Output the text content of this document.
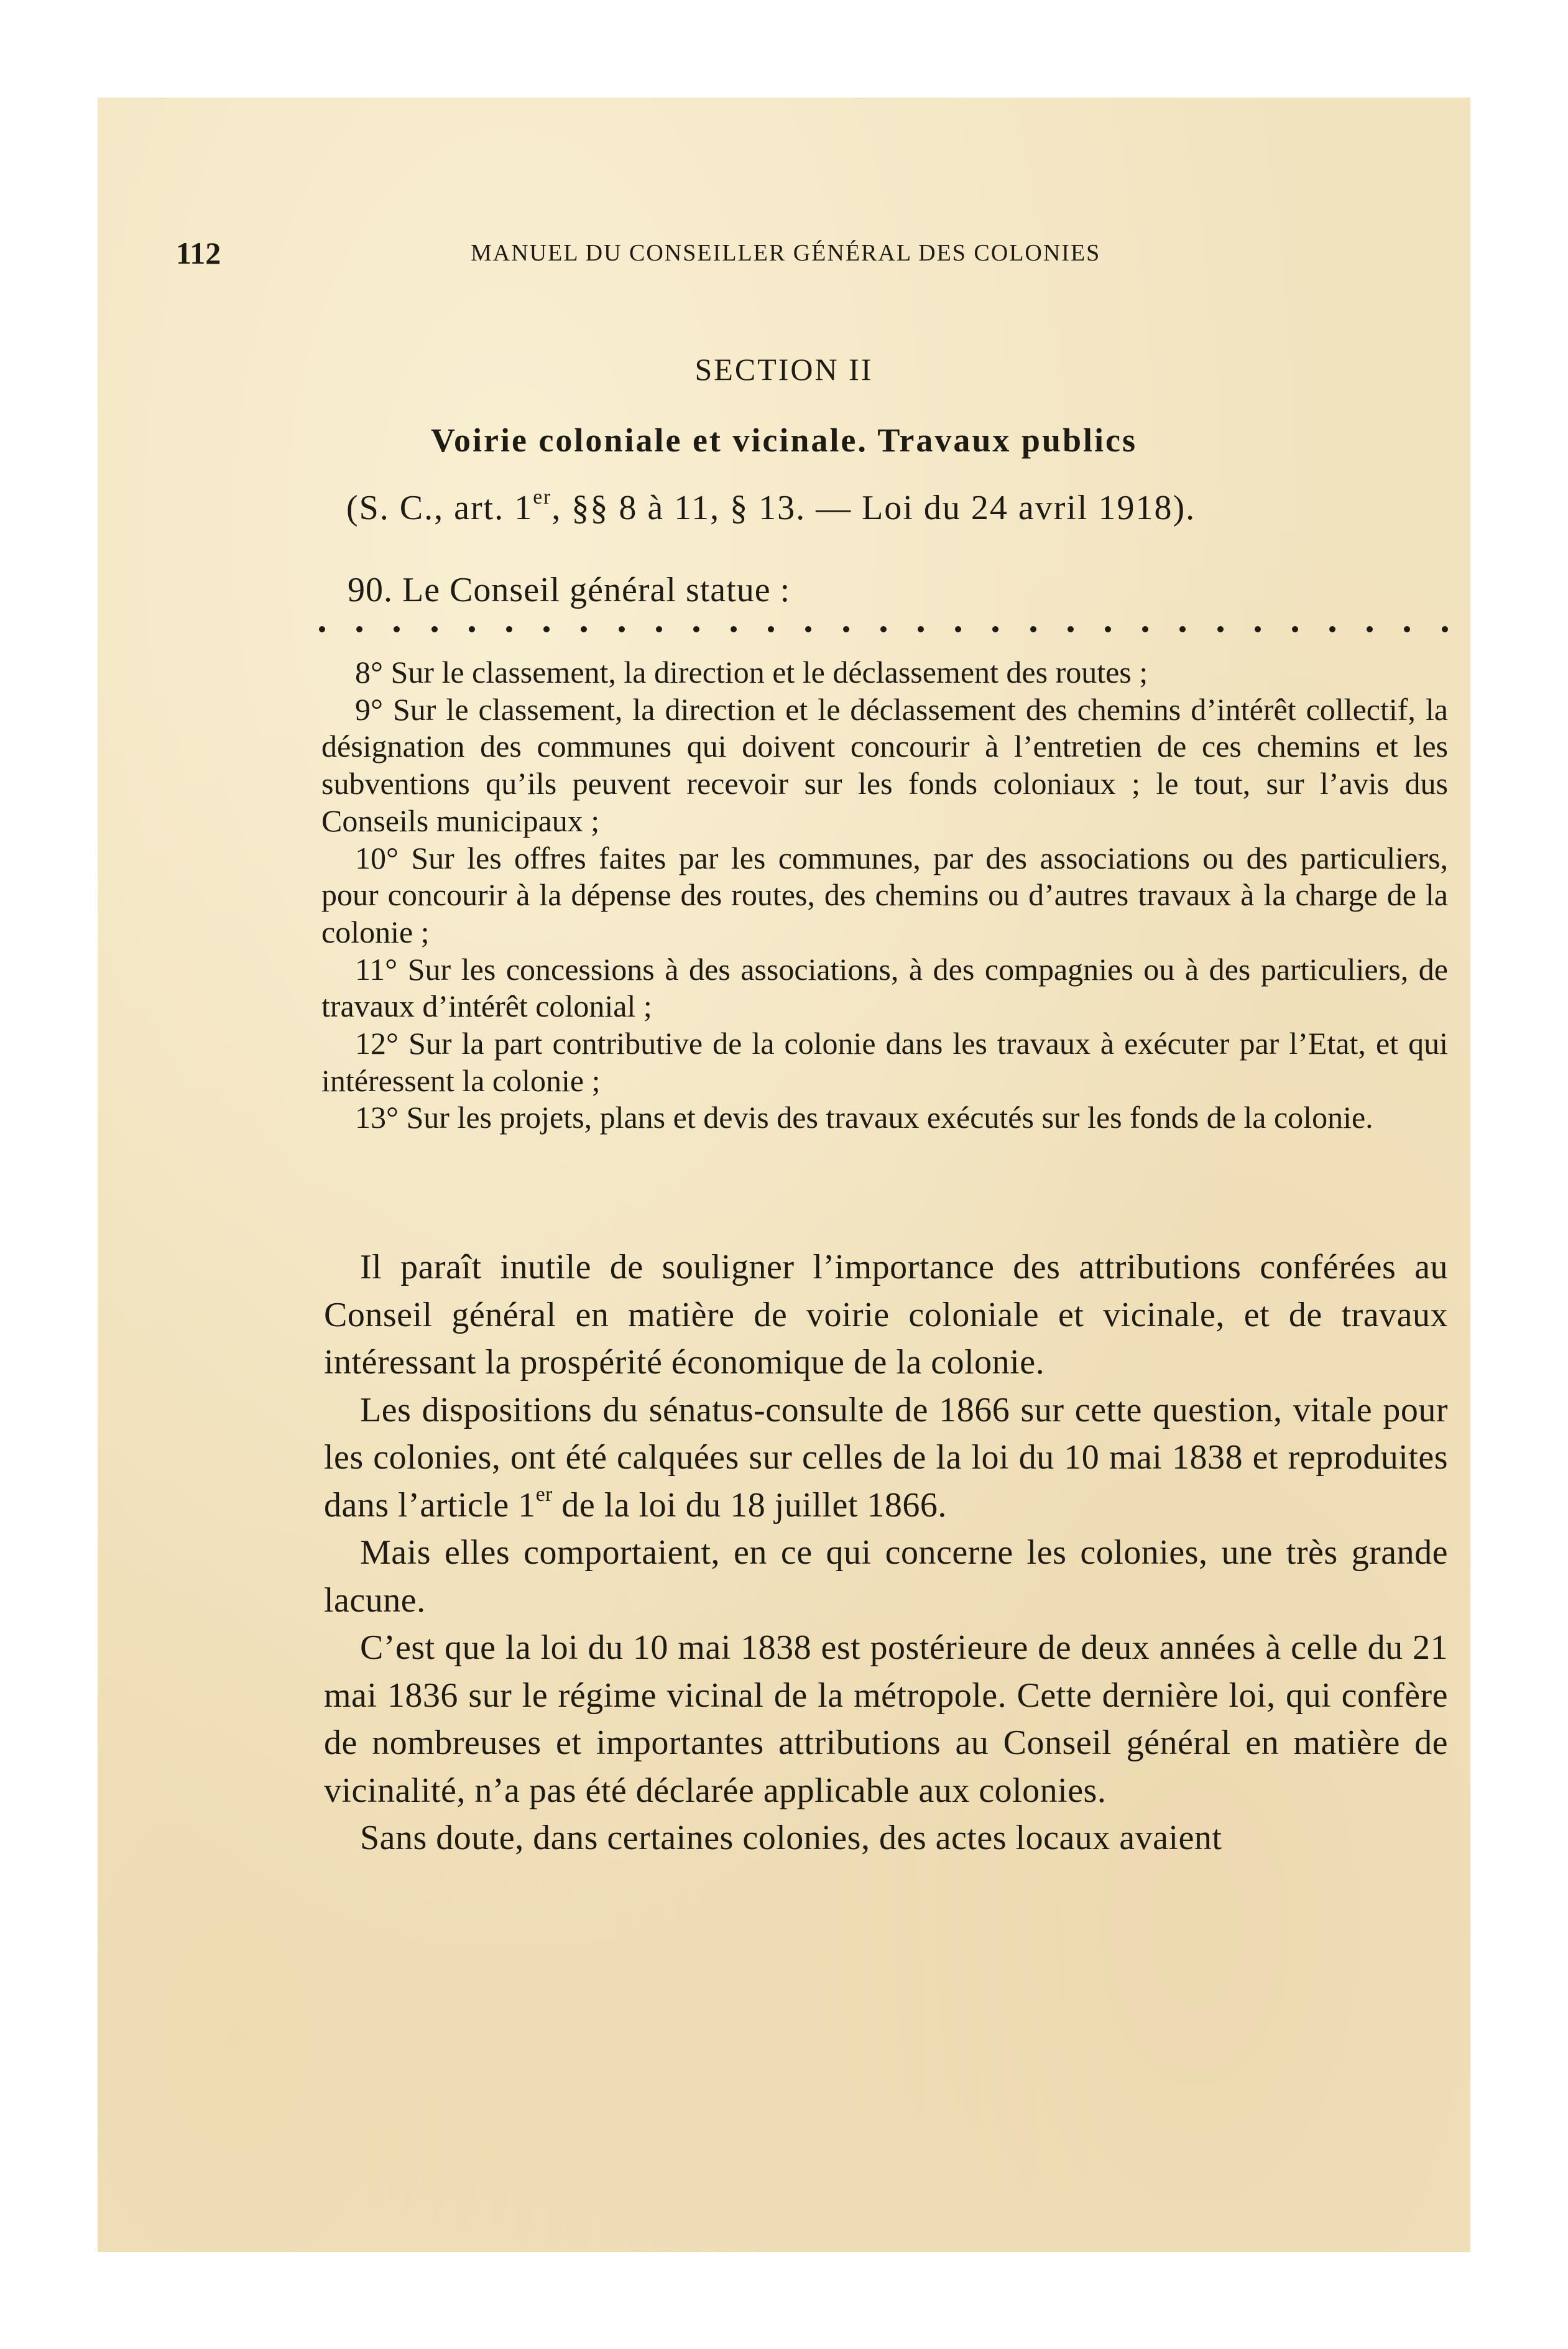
112	MANUEL DU CONSEILLER GÉNÉRAL DES COLONIES
SECTION II
Voirie coloniale et vicinale. Travaux publics
(S. C., art. 1er, §§ 8 à 11, § 13. — Loi du 24 avril 1918).
90. Le Conseil général statue :

8° Sur le classement, la direction et le déclassement des routes ;

9° Sur le classement, la direction et le déclassement des chemins d’intérêt collectif, la désignation des communes qui doivent concourir à l’entretien de ces chemins et les subventions qu’ils peuvent recevoir sur les fonds coloniaux ; le tout, sur l’avis dus Conseils municipaux ;

10° Sur les offres faites par les communes, par des associations ou des particuliers, pour concourir à la dépense des routes, des chemins ou d’autres travaux à la charge de la colonie ;

11° Sur les concessions à des associations, à des compagnies ou à des particuliers, de travaux d’intérêt colonial ;

12° Sur la part contributive de la colonie dans les travaux à exécuter par l’Etat, et qui intéressent la colonie ;

13° Sur les projets, plans et devis des travaux exécutés sur les fonds de la colonie.

Il paraît inutile de souligner l’importance des attributions conférées au Conseil général en matière de voirie coloniale et vicinale, et de travaux intéressant la prospérité économique de la colonie.

Les dispositions du sénatus-consulte de 1866 sur cette question, vitale pour les colonies, ont été calquées sur celles de la loi du 10 mai 1838 et reproduites dans l’article 1er de la loi du 18 juillet 1866.

Mais elles comportaient, en ce qui concerne les colonies, une très grande lacune.

C’est que la loi du 10 mai 1838 est postérieure de deux années à celle du 21 mai 1836 sur le régime vicinal de la métropole. Cette dernière loi, qui confère de nombreuses et importantes attributions au Conseil général en matière de vicinalité, n’a pas été déclarée applicable aux colonies.

Sans doute, dans certaines colonies, des actes locaux avaient
